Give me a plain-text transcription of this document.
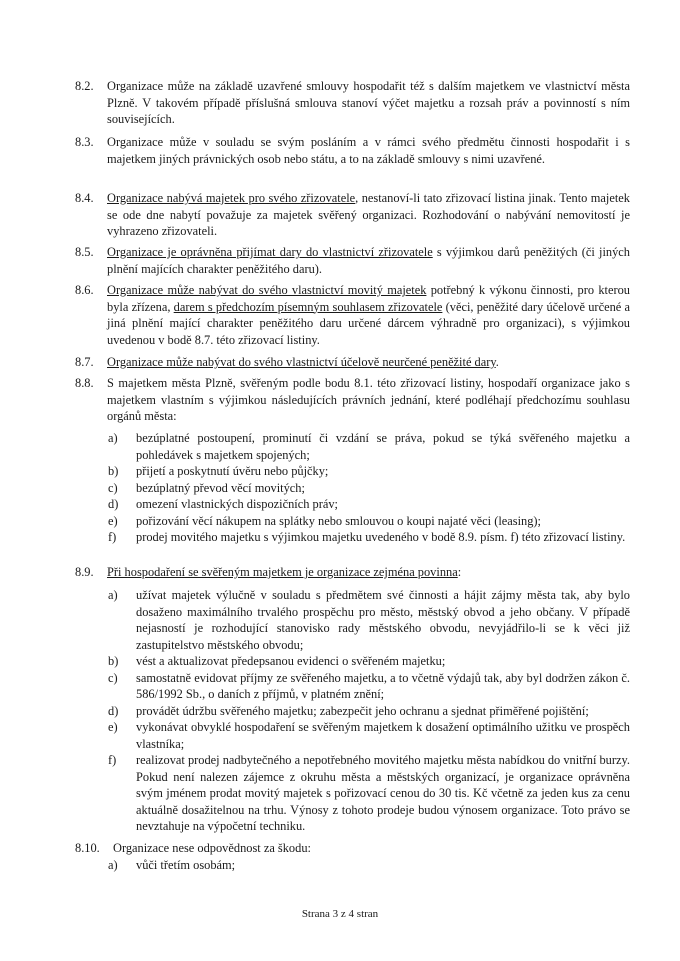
8.2. Organizace může na základě uzavřené smlouvy hospodařit též s dalším majetkem ve vlastnictví města Plzně. V takovém případě příslušná smlouva stanoví výčet majetku a rozsah práv a povinností s ním souvisejících.
8.3. Organizace může v souladu se svým posláním a v rámci svého předmětu činnosti hospodařit i s majetkem jiných právnických osob nebo státu, a to na základě smlouvy s nimi uzavřené.
8.4. Organizace nabývá majetek pro svého zřizovatele, nestanoví-li tato zřizovací listina jinak. Tento majetek se ode dne nabytí považuje za majetek svěřený organizaci. Rozhodování o nabývání nemovitostí je vyhrazeno zřizovateli.
8.5. Organizace je oprávněna přijímat dary do vlastnictví zřizovatele s výjimkou darů peněžitých (či jiných plnění majících charakter peněžitého daru).
8.6. Organizace může nabývat do svého vlastnictví movitý majetek potřebný k výkonu činnosti, pro kterou byla zřízena, darem s předchozím písemným souhlasem zřizovatele (věci, peněžité dary účelově určené a jiná plnění mající charakter peněžitého daru určené dárcem výhradně pro organizaci), s výjimkou uvedenou v bodě 8.7. této zřizovací listiny.
8.7. Organizace může nabývat do svého vlastnictví účelově neurčené peněžité dary.
8.8. S majetkem města Plzně, svěřeným podle bodu 8.1. této zřizovací listiny, hospodaří organizace jako s majetkem vlastním s výjimkou následujících právních jednání, které podléhají předchozímu souhlasu orgánů města:
a) bezúplatné postoupení, prominutí či vzdání se práva, pokud se týká svěřeného majetku a pohledávek s majetkem spojených;
b) přijetí a poskytnutí úvěru nebo půjčky;
c) bezúplatný převod věcí movitých;
d) omezení vlastnických dispozičních práv;
e) pořizování věcí nákupem na splátky nebo smlouvou o koupi najaté věci (leasing);
f) prodej movitého majetku s výjimkou majetku uvedeného v bodě 8.9. písm. f) této zřizovací listiny.
8.9. Při hospodaření se svěřeným majetkem je organizace zejména povinna:
a) užívat majetek výlučně v souladu s předmětem své činnosti a hájit zájmy města tak, aby bylo dosaženo maximálního trvalého prospěchu pro město, městský obvod a jeho občany. V případě nejasností je rozhodující stanovisko rady městského obvodu, nevyjádřilo-li se k věci již zastupitelstvo městského obvodu;
b) vést a aktualizovat předepsanou evidenci o svěřeném majetku;
c) samostatně evidovat příjmy ze svěřeného majetku, a to včetně výdajů tak, aby byl dodržen zákon č. 586/1992 Sb., o daních z příjmů, v platném znění;
d) provádět údržbu svěřeného majetku; zabezpečit jeho ochranu a sjednat přiměřené pojištění;
e) vykonávat obvyklé hospodaření se svěřeným majetkem k dosažení optimálního užitku ve prospěch vlastníka;
f) realizovat prodej nadbytečného a nepotřebného movitého majetku města nabídkou do vnitřní burzy. Pokud není nalezen zájemce z okruhu města a městských organizací, je organizace oprávněna svým jménem prodat movitý majetek s pořizovací cenou do 30 tis. Kč včetně za jeden kus za cenu aktuálně dosažitelnou na trhu. Výnosy z tohoto prodeje budou výnosem organizace. Toto právo se nevztahuje na výpočetní techniku.
8.10. Organizace nese odpovědnost za škodu:
a) vůči třetím osobám;
Strana 3 z 4 stran
